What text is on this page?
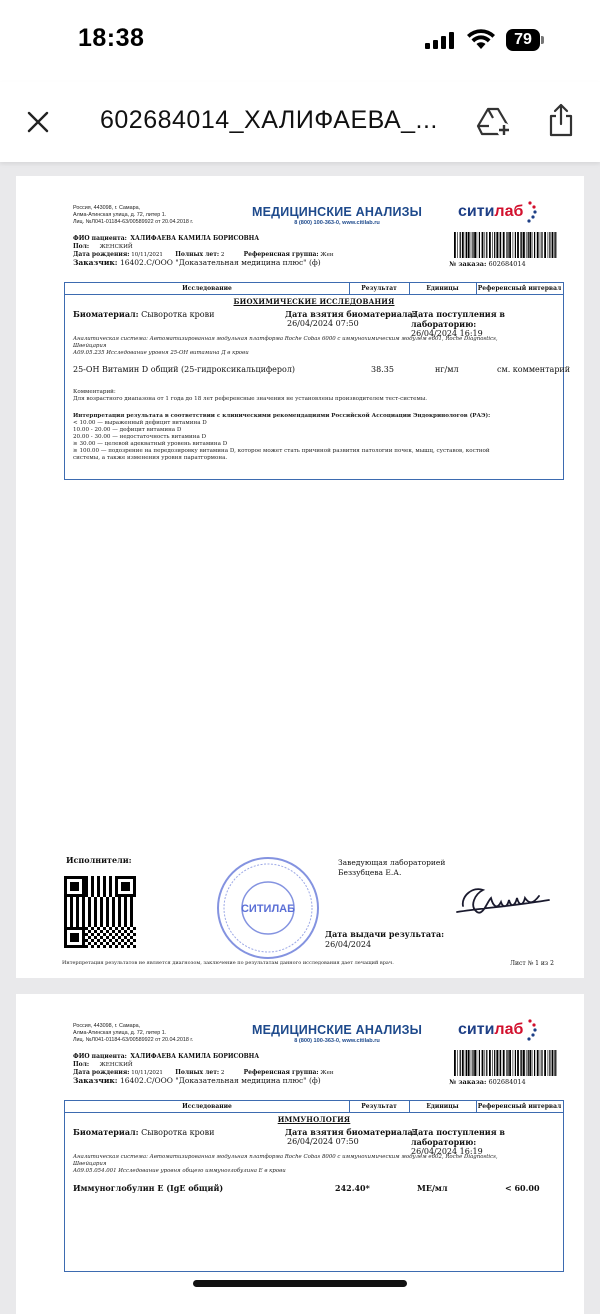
18:38	79
602684014_ХАЛИФАЕВА_...
Россия, 443098, г. Самара,
Алма-Атинская улица, д. 72, литер 1.
Лиц. №Л041-01184-63/00589922 от 20.04.2018 г.
МЕДИЦИНСКИЕ АНАЛИЗЫ
8 (800) 100-363-0, www.citilab.ru
ситилаб
ФИО пациента: ХАЛИФАЕВА КАМИЛА БОРИСОВНА
Пол: ЖЕНСКИЙ
Дата рождения: 10/11/2021 Полных лет: 2	Референсная группа: Жен
Заказчик: 16402.С/ООО "Доказательная медицина плюс" (ф)	№ заказа: 602684014
Исследование	Результат	Единицы	Референсный интервал
БИОХИМИЧЕСКИЕ ИССЛЕДОВАНИЯ
Биоматериал: Сыворотка крови	Дата взятия биоматериала:
26/04/2024 07:50
Дата поступления в лабораторию:
26/04/2024 16:19
Аналитическая система: Автоматизированная модульная платформа Roche Cobas 6000 с иммунохимическим модулем e601, Roche Diagnostics,
Швейцария
А09.05.235 Исследование уровня 25-ОН витамина Д в крови
25-ОН Витамин D общий (25-гидроксикальциферол)	38.35	нг/мл	см. комментарий
Комментарий:
Для возрастного диапазона от 1 года до 18 лет референсные значения не установлены производителем тест-системы.
Интерпретация результата в соответствии с клиническими рекомендациями Российской Ассоциации Эндокринологов (РАЭ):
< 10.00 — выраженный дефицит витамина D
10.00 - 20.00 — дефицит витамина D
20.00 - 30.00 — недостаточность витамина D
≥ 30.00 — целевой адекватный уровень витамина D
≥ 100.00 — подозрение на передозировку витамина D, которое может стать причиной развития патологии почек, мышц, суставов, костной
системы, а также изменения уровня паратгормона.
Исполнители:
СИТИЛАБ
Заведующая лабораторией
Беззубцева Е.А.
Дата выдачи результата:
26/04/2024
Интерпретация результатов не является диагнозом, заключение по результатам данного исследования дает лечащий врач.	Лист № 1 из 2
Россия, 443098, г. Самара,
Алма-Атинская улица, д. 72, литер 1.
Лиц. №Л041-01184-63/00589922 от 20.04.2018 г.
МЕДИЦИНСКИЕ АНАЛИЗЫ
8 (800) 100-363-0, www.citilab.ru
ситилаб
ФИО пациента: ХАЛИФАЕВА КАМИЛА БОРИСОВНА
Пол: ЖЕНСКИЙ
Дата рождения: 10/11/2021 Полных лет: 2	Референсная группа: Жен
Заказчик: 16402.С/ООО "Доказательная медицина плюс" (ф)	№ заказа: 602684014
Исследование	Результат	Единицы	Референсный интервал
ИММУНОЛОГИЯ
Биоматериал: Сыворотка крови	Дата взятия биоматериала:
26/04/2024 07:50
Дата поступления в лабораторию:
26/04/2024 16:19
Аналитическая система: Автоматизированная модульная платформа Roche Cobas 8000 с иммунохимическим модулем e602, Roche Diagnostics,
Швейцария
А09.05.054.001 Исследование уровня общего иммуноглобулина Е в крови
Иммуноглобулин Е (IgE общий)	242.40*	МЕ/мл	< 60.00
